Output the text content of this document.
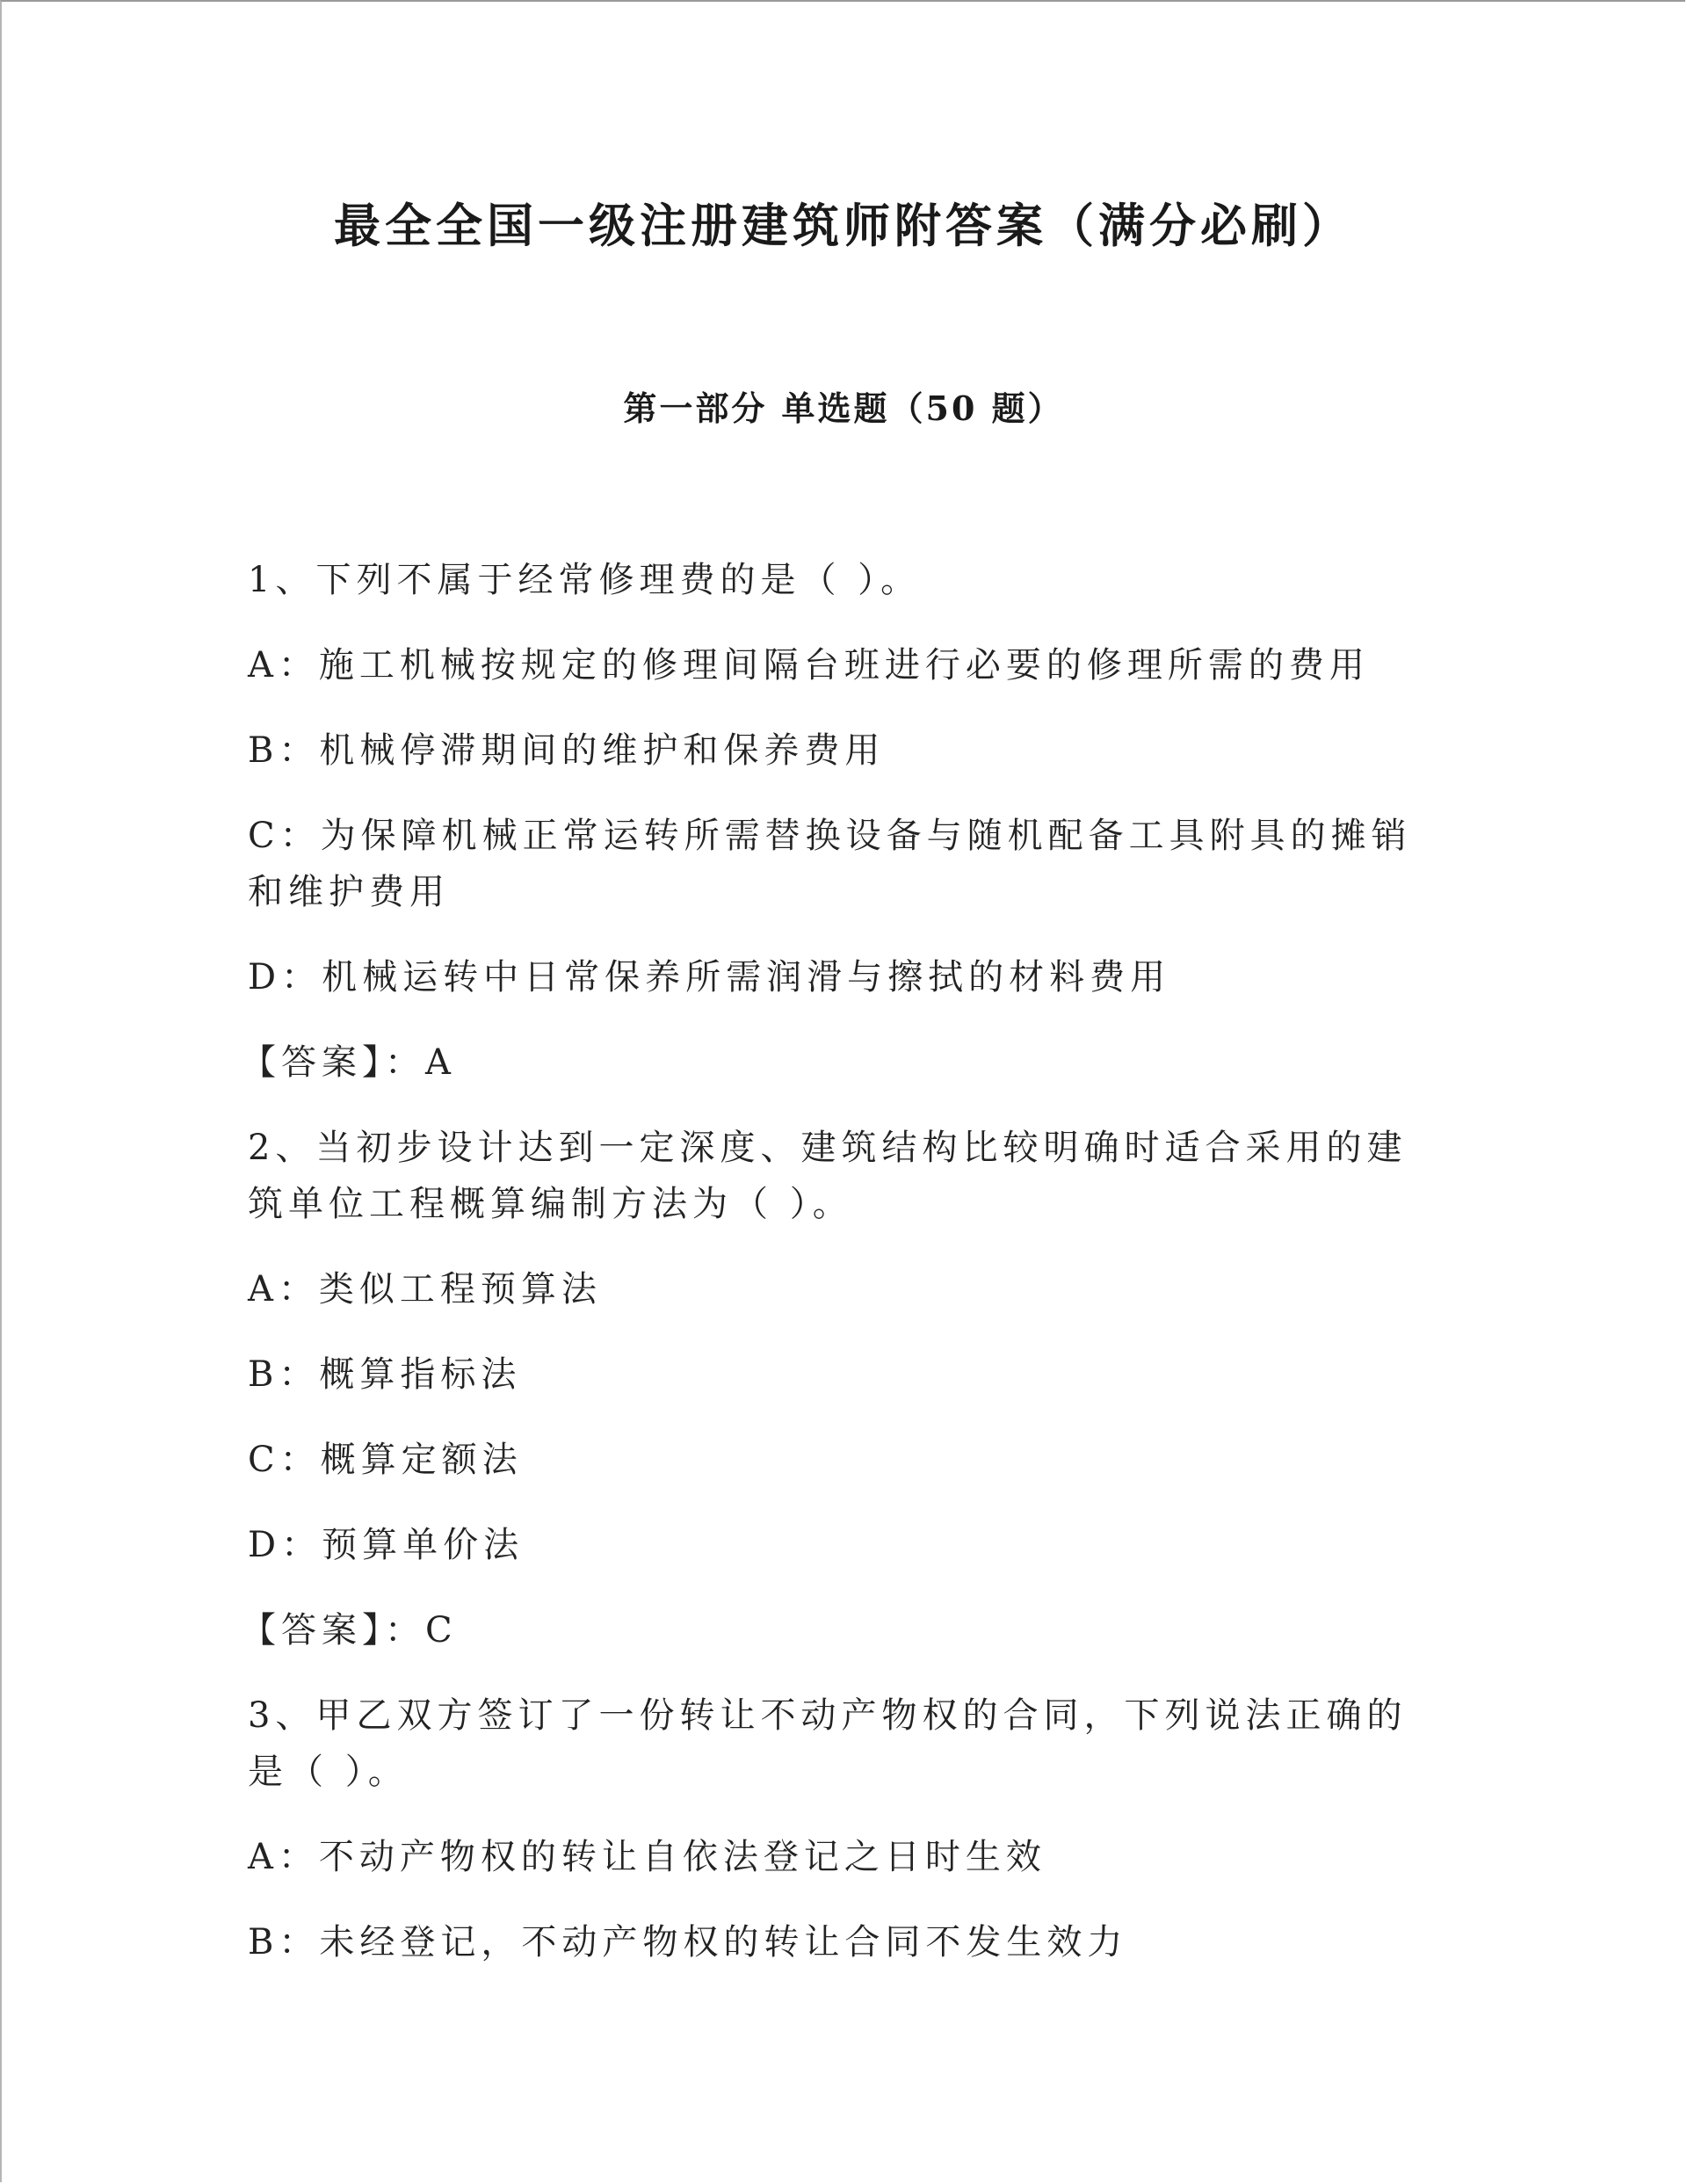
最全全国一级注册建筑师附答案（满分必刷）
第一部分 单选题（50 题）

1、下列不属于经常修理费的是（ ）。

A：施工机械按规定的修理间隔台班进行必要的修理所需的费用

B：机械停滞期间的维护和保养费用

C：为保障机械正常运转所需替换设备与随机配备工具附具的摊销和维护费用

D：机械运转中日常保养所需润滑与擦拭的材料费用

【答案】：A

2、当初步设计达到一定深度、建筑结构比较明确时适合采用的建筑单位工程概算编制方法为（ ）。

A：类似工程预算法

B：概算指标法

C：概算定额法

D：预算单价法

【答案】：C

3、甲乙双方签订了一份转让不动产物权的合同，下列说法正确的是（ ）。

A：不动产物权的转让自依法登记之日时生效

B：未经登记，不动产物权的转让合同不发生效力
